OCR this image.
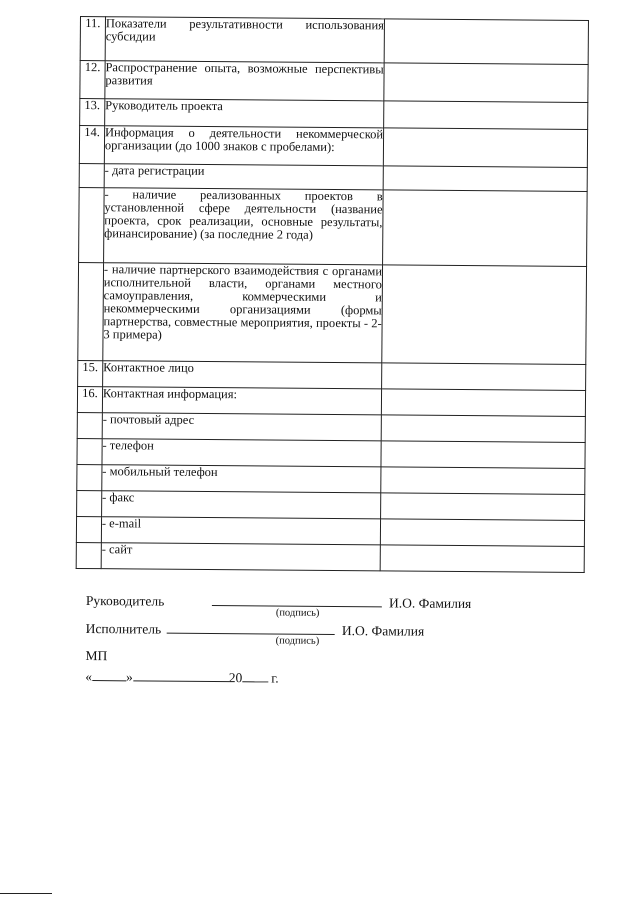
11.	Показатели результативности использования субсидии	
12.	Распространение опыта, возможные перспективы развития	
13.	Руководитель проекта	
14.	Информация о деятельности некоммерческой организации (до 1000 знаков с пробелами):	
	- дата регистрации	
	- наличие реализованных проектов в установленной сфере деятельности (название проекта, срок реализации, основные результаты, финансирование) (за последние 2 года)	
	- наличие партнерского взаимодействия с органами исполнительной власти, органами местного самоуправления, коммерческими и некоммерческими организациями (формы партнерства, совместные мероприятия, проекты - 2-3 примера)	
15.	Контактное лицо	
16.	Контактная информация:	
	- почтовый адрес	
	- телефон	
	- мобильный телефон	
	- факс	
	- e-mail	
	- сайт	
Руководитель	И.О. Фамилия
(подпись)
Исполнитель	И.О. Фамилия
(подпись)
МП
«	»	20 г.
